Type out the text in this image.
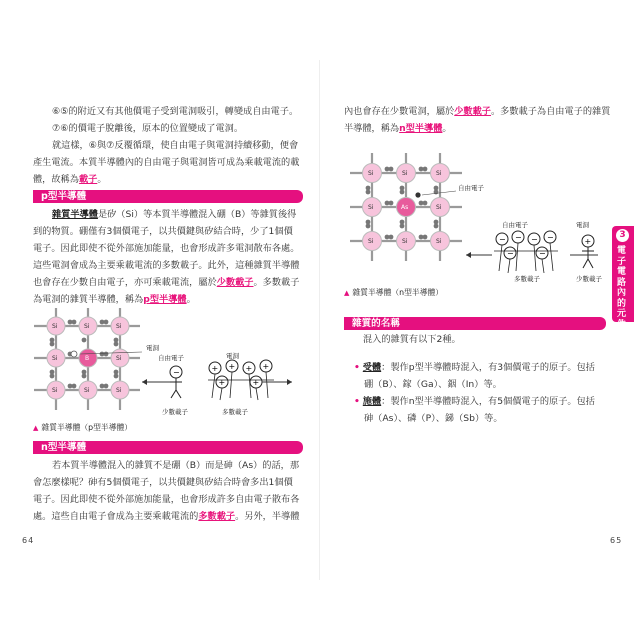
⑥⑤的附近又有其他價電子受到電洞吸引，轉變成自由電子。

⑦⑥的價電子脫離後，原本的位置變成了電洞。

就這樣，⑥與⑦反覆循環，使自由電子與電洞持續移動，便會

產生電流。本質半導體內的自由電子與電洞皆可成為乘載電流的載

體，故稱為載子。

p型半導體

雜質半導體是矽（Si）等本質半導體混入硼（B）等雜質後得

到的物質。硼僅有3個價電子，以共價鍵與矽結合時，少了1個價

電子。因此即使不從外部施加能量，也會形成許多電洞散布各處。

這些電洞會成為主要乘載電流的多數載子。此外，這種雜質半導體

也會存在少數自由電子，亦可乘載電流，屬於少數載子。多數載子

為電洞的雜質半導體，稱為p型半導體。

Si	Si	Si
Si	B	Si
Si	Si	Si
電洞
自由電子	電洞
−	+ + + +
+	+
少數載子	多數載子
▲ 雜質半導體（p型半導體）
n型半導體

若本質半導體混入的雜質不是硼（B）而是砷（As）的話，那

會怎麼樣呢？砷有5個價電子，以共價鍵與矽結合時會多出1個價

電子。因此即使不從外部施加能量，也會形成許多自由電子散布各

處。這些自由電子會成為主要乘載電流的多數載子。另外，半導體

64

內也會存在少數電洞，屬於少數載子。多數載子為自由電子的雜質

半導體，稱為n型半導體。

Si	Si	Si
Si	As	Si
Si	Si	Si
自由電子
自由電子	電洞
− − − −
−	−
+
多數載子	少數載子
▲ 雜質半導體（n型半導體）
雜質的名稱

混入的雜質有以下2種。

• 受體：製作p型半導體時混入，有3個價電子的原子。包括

硼（B）、鎵（Ga）、銦（In）等。

• 施體：製作n型半導體時混入，有5個價電子的原子。包括

砷（As）、磷（P）、銻（Sb）等。

65
3
電子電路內的元件
